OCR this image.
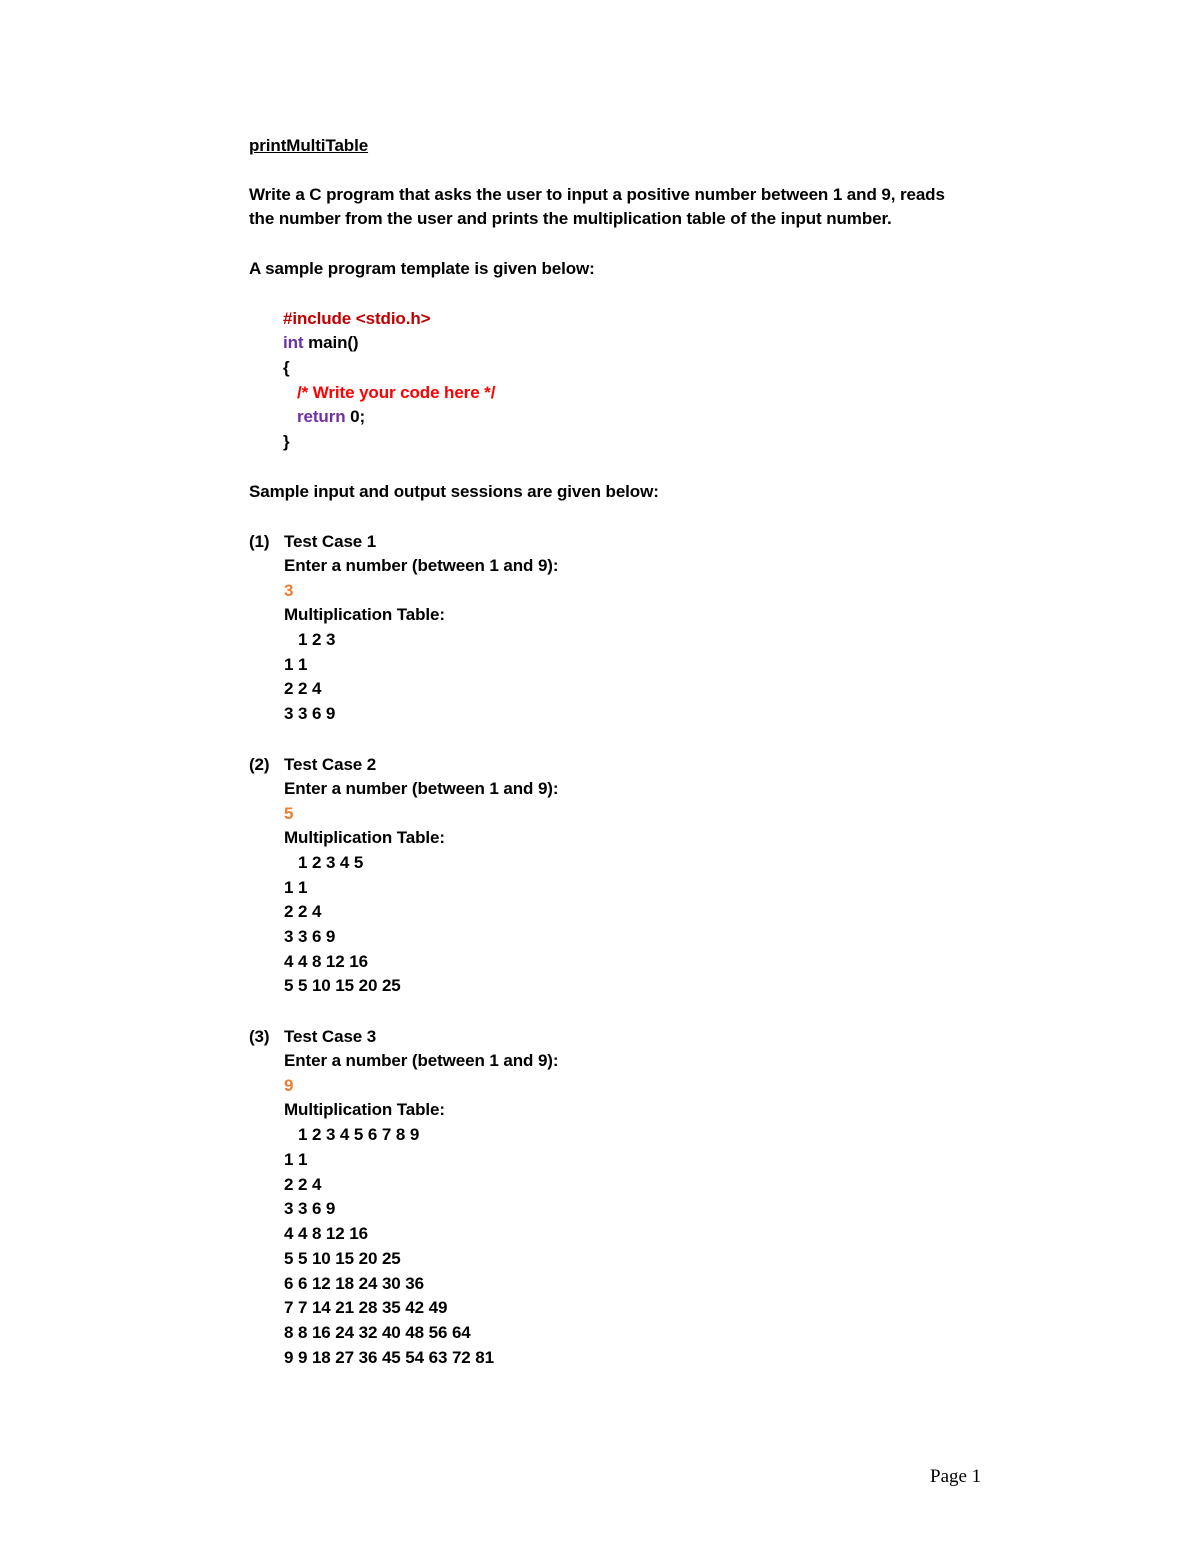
printMultiTable
Write a C program that asks the user to input a positive number between 1 and 9, reads
the number from the user and prints the multiplication table of the input number.
A sample program template is given below:
#include <stdio.h>
int main()
{
/* Write your code here */
return 0;
}
Sample input and output sessions are given below:
(1) Test Case 1
Enter a number (between 1 and 9):
3
Multiplication Table:
1 2 3
1 1
2 2 4
3 3 6 9
(2) Test Case 2
Enter a number (between 1 and 9):
5
Multiplication Table:
1 2 3 4 5
1 1
2 2 4
3 3 6 9
4 4 8 12 16
5 5 10 15 20 25
(3) Test Case 3
Enter a number (between 1 and 9):
9
Multiplication Table:
1 2 3 4 5 6 7 8 9
1 1
2 2 4
3 3 6 9
4 4 8 12 16
5 5 10 15 20 25
6 6 12 18 24 30 36
7 7 14 21 28 35 42 49
8 8 16 24 32 40 48 56 64
9 9 18 27 36 45 54 63 72 81
Page 1
